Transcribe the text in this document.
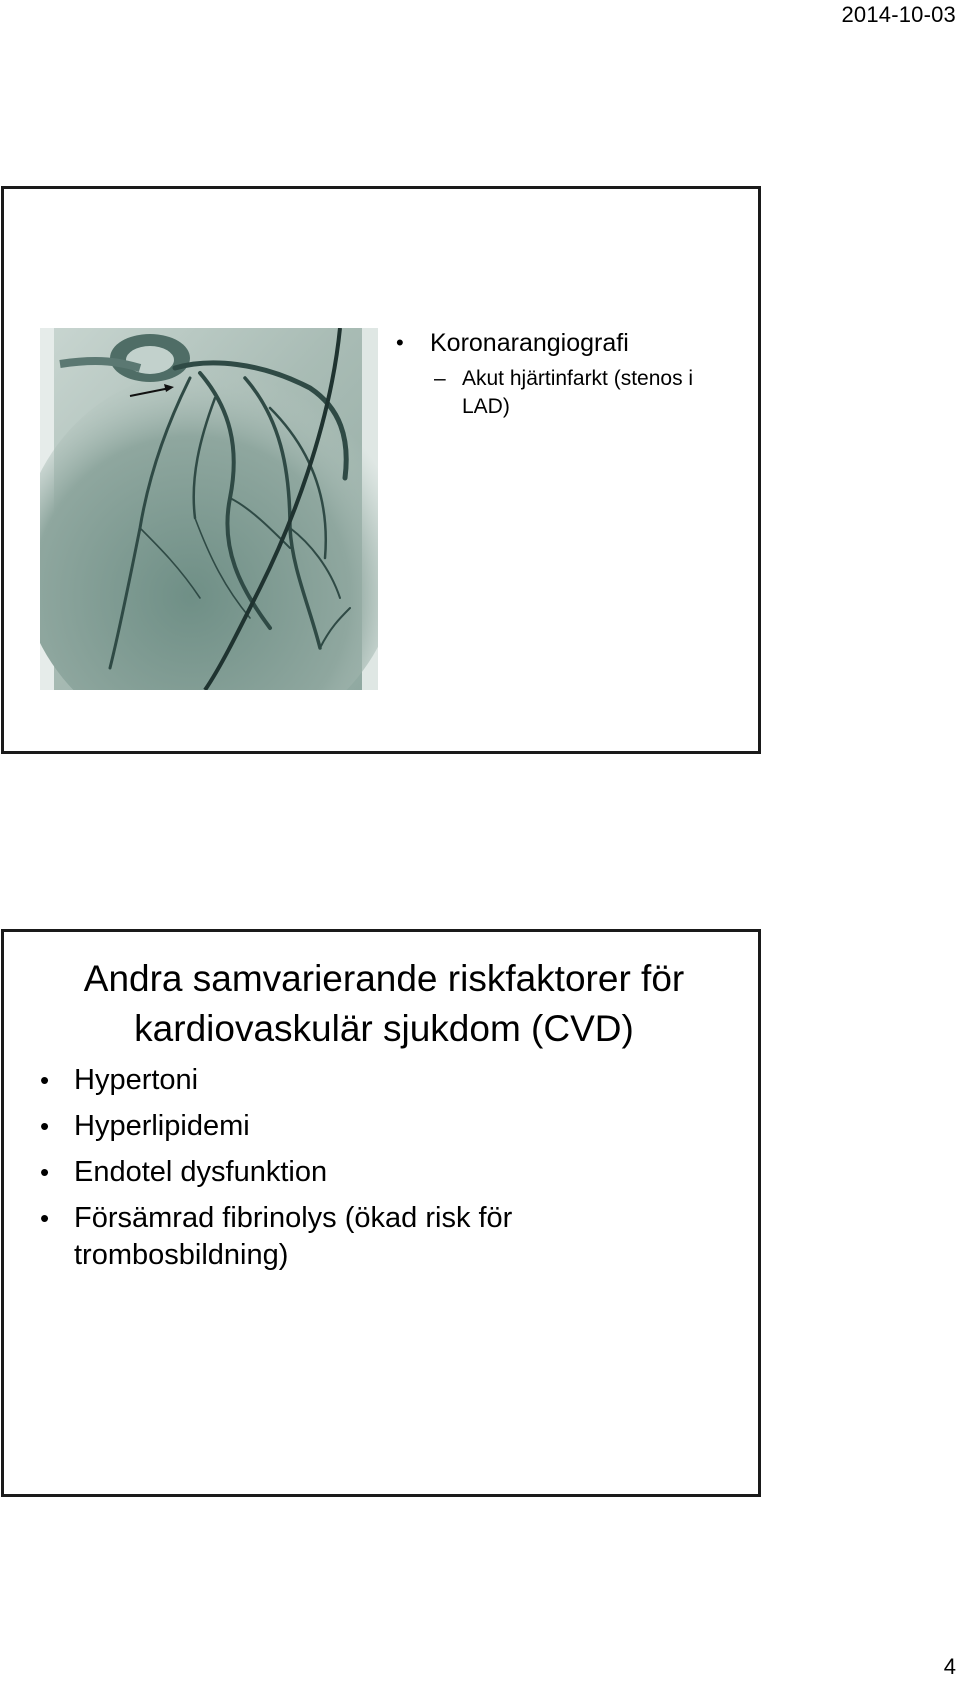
2014-10-03
•	Koronarangiografi
– Akut hjärtinfarkt (stenos i LAD)
Andra samvarierande riskfaktorer för kardiovaskulär sjukdom (CVD)
• Hypertoni
• Hyperlipidemi
• Endotel dysfunktion
• Försämrad fibrinolys (ökad risk för trombosbildning)
4
